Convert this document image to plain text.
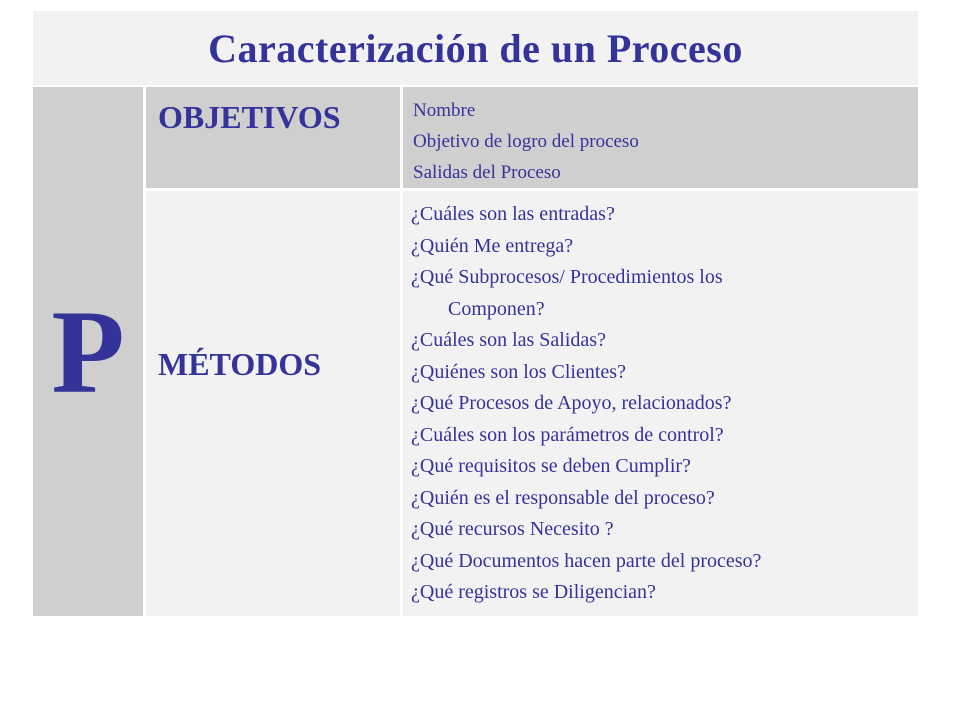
Caracterización de un Proceso
P
OBJETIVOS	Nombre
Objetivo de logro del proceso
Salidas del Proceso
MÉTODOS
¿Cuáles son las entradas?
¿Quién Me entrega?
¿Qué Subprocesos/ Procedimientos los
Componen?
¿Cuáles son las Salidas?
¿Quiénes son los Clientes?
¿Qué Procesos de Apoyo, relacionados?
¿Cuáles son los parámetros de control?
¿Qué requisitos se deben Cumplir?
¿Quién es el responsable del proceso?
¿Qué recursos Necesito ?
¿Qué Documentos hacen parte del proceso?
¿Qué registros se Diligencian?
